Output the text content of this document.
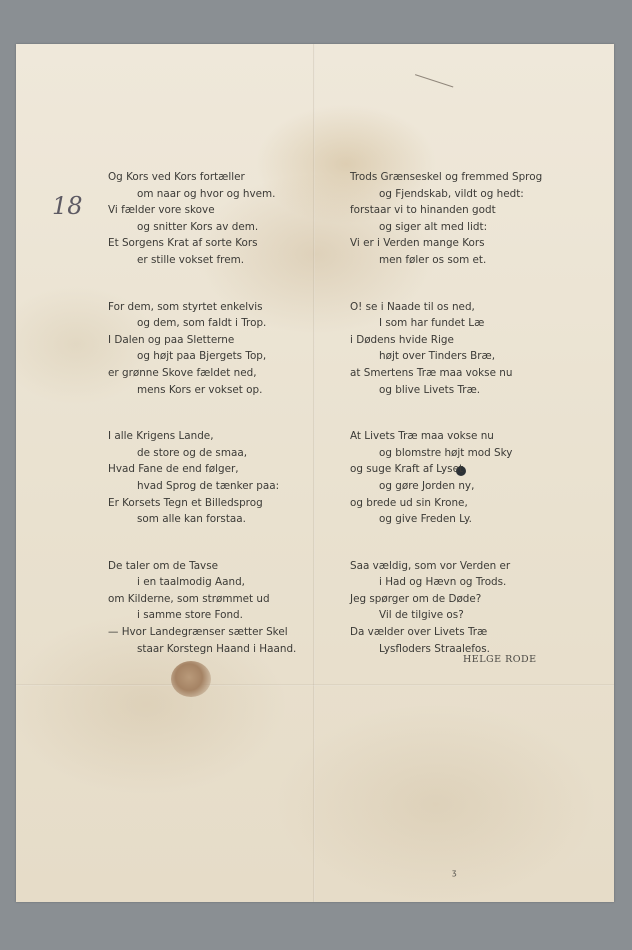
18
Og Kors ved Kors fortæller
om naar og hvor og hvem.
Vi fælder vore skove
og snitter Kors av dem.
Et Sorgens Krat af sorte Kors
er stille vokset frem.
For dem, som styrtet enkelvis
og dem, som faldt i Trop.
I Dalen og paa Sletterne
og højt paa Bjergets Top,
er grønne Skove fældet ned,
mens Kors er vokset op.
I alle Krigens Lande,
de store og de smaa,
Hvad Fane de end følger,
hvad Sprog de tænker paa:
Er Korsets Tegn et Billedsprog
som alle kan forstaa.
De taler om de Tavse
i en taalmodig Aand,
om Kilderne, som strømmet ud
i samme store Fond.
— Hvor Landegrænser sætter Skel
staar Korstegn Haand i Haand.
Trods Grænseskel og fremmed Sprog
og Fjendskab, vildt og hedt:
forstaar vi to hinanden godt
og siger alt med lidt:
Vi er i Verden mange Kors
men føler os som et.
O! se i Naade til os ned,
I som har fundet Læ
i Dødens hvide Rige
højt over Tinders Bræ,
at Smertens Træ maa vokse nu
og blive Livets Træ.
At Livets Træ maa vokse nu
og blomstre højt mod Sky
og suge Kraft af Lyset
og gøre Jorden ny,
og brede ud sin Krone,
og give Freden Ly.
Saa vældig, som vor Verden er
i Had og Hævn og Trods.
Jeg spørger om de Døde?
Vil de tilgive os?
Da vælder over Livets Træ
Lysfloders Straalefos.
HELGE RODE
ʒ
